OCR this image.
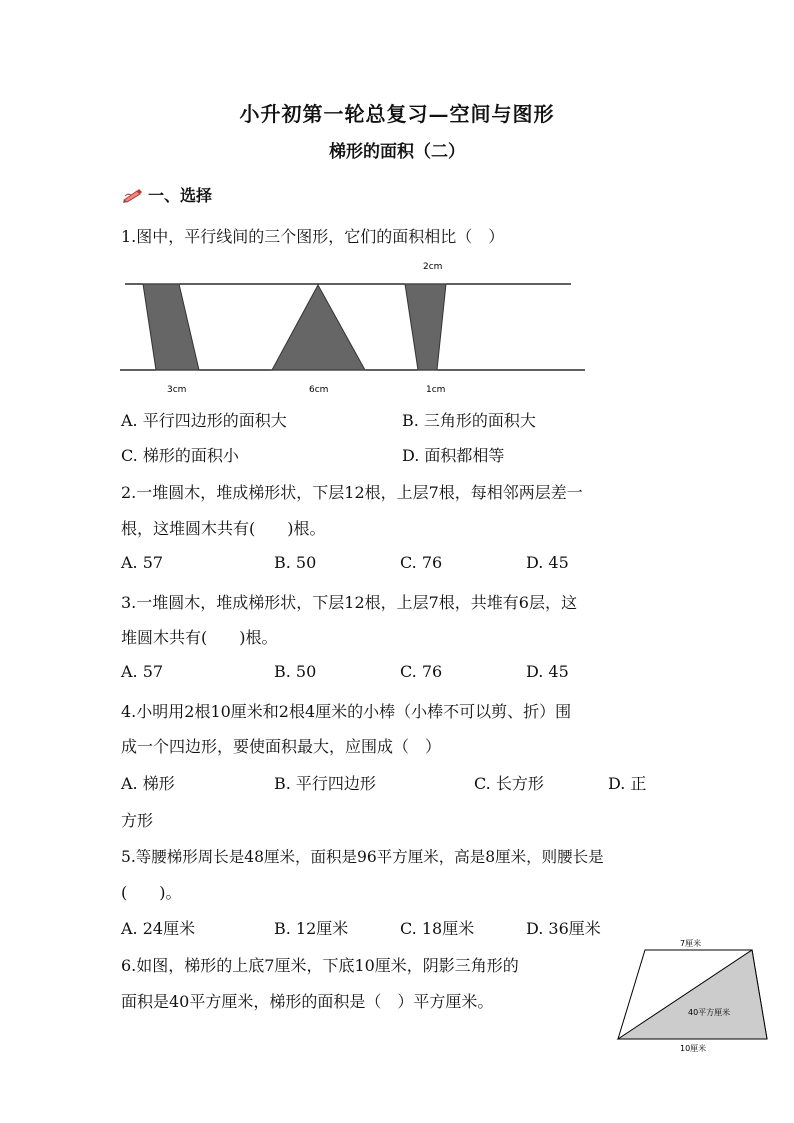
小升初第一轮总复习—空间与图形
梯形的面积（二）
一、选择
1.图中，平行线间的三个图形，它们的面积相比（　）
2cm
3cm	6cm	1cm
A. 平行四边形的面积大	B. 三角形的面积大
C. 梯形的面积小	D. 面积都相等
2.一堆圆木，堆成梯形状，下层12根，上层7根，每相邻两层差一
根，这堆圆木共有(　　)根。
A. 57	B. 50	C. 76	D. 45
3.一堆圆木，堆成梯形状，下层12根，上层7根，共堆有6层，这
堆圆木共有(　　)根。
A. 57	B. 50	C. 76	D. 45
4.小明用2根10厘米和2根4厘米的小棒（小棒不可以剪、折）围
成一个四边形，要使面积最大，应围成（　）
A. 梯形	B. 平行四边形	C. 长方形	D. 正
方形
5.等腰梯形周长是48厘米，面积是96平方厘米，高是8厘米，则腰长是
(　　)。
A. 24厘米	B. 12厘米	C. 18厘米	D. 36厘米
6.如图，梯形的上底7厘米，下底10厘米，阴影三角形的
面积是40平方厘米，梯形的面积是（　）平方厘米。
7厘米
40平方厘米
10厘米
